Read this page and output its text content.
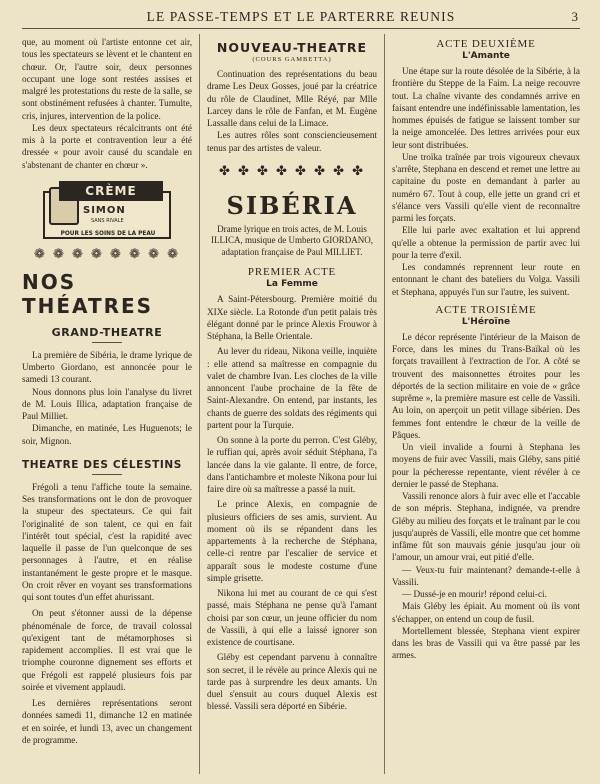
LE PASSE-TEMPS ET LE PARTERRE REUNIS	3

que, au moment où l'artiste entonne cet air, tous les spectateurs se lèvent et le chantent en chœur. Or, l'autre soir, deux personnes occupant une loge sont restées assises et malgré les protestations du reste de la salle, se sont obstinément refusées à chanter. Tumulte, cris, injures, intervention de la police.

Les deux spectateurs récalcitrants ont été mis à la porte et contravention leur a été dressée « pour avoir causé du scandale en s'abstenant de chanter en chœur ».

CRÈME
SIMON
SANS RIVALE
POUR LES SOINS DE LA PEAU
❁ ❁ ❁ ❁ ❁ ❁ ❁ ❁
NOS THÉATRES
GRAND-THEATRE

La première de Sibéria, le drame lyrique de Umberto Giordano, est annoncée pour le samedi 13 courant.

Nous donnons plus loin l'analyse du livret de M. Louis Illica, adaptation française de Paul Milliet.

Dimanche, en matinée, Les Huguenots; le soir, Mignon.

THEATRE DES CÉLESTINS

Frégoli a tenu l'affiche toute la semaine. Ses transformations ont le don de provoquer la stupeur des spectateurs. Ce qui fait l'originalité de son talent, ce qui en fait l'intérêt tout spécial, c'est la rapidité avec laquelle il passe de l'un quelconque de ses personnages à l'autre, et en réalise instantanément le geste propre et le masque. On croit rêver en voyant ses transformations qui sont toutes d'un effet ahurissant.

On peut s'étonner aussi de la dépense phénoménale de force, de travail colossal qu'exigent tant de métamorphoses si rapidement accomplies. Il est vrai que le triomphe couronne dignement ses efforts et que Frégoli est rappelé plusieurs fois par soirée et vivement applaudi.

Les dernières représentations seront données samedi 11, dimanche 12 en matinée et en soirée, et lundi 13, avec un changement de programme.

NOUVEAU-THEATRE
(COURS GAMBETTA)

Continuation des représentations du beau drame Les Deux Gosses, joué par la créatrice du rôle de Claudinet, Mlle Réyé, par Mlle Larcey dans le rôle de Fanfan, et M. Eugène Lassalle dans celui de la Limace.

Les autres rôles sont consciencieusement tenus par des artistes de valeur.

✤ ✤ ✤ ✤ ✤ ✤ ✤ ✤
SIBÉRIA

Drame lyrique en trois actes, de M. Louis ILLICA, musique de Umberto GIORDANO, adaptation française de Paul MILLIET.

PREMIER ACTE
La Femme

A Saint-Pétersbourg. Première moitié du XIXe siècle. La Rotonde d'un petit palais très élégant donné par le prince Alexis Frouwor à Stéphana, la Belle Orientale.

Au lever du rideau, Nikona veille, inquiète : elle attend sa maîtresse en compagnie du valet de chambre Ivan. Les cloches de la ville annoncent l'aube prochaine de la fête de Saint-Alexandre. On entend, par instants, les chants de guerre des soldats des régiments qui partent pour la Turquie.

On sonne à la porte du perron. C'est Gléby, le ruffian qui, après avoir séduit Stéphana, l'a lancée dans la vie galante. Il entre, de force, dans l'antichambre et moleste Nikona pour lui faire dire où sa maîtresse a passé la nuit.

Le prince Alexis, en compagnie de plusieurs officiers de ses amis, survient. Au moment où ils se répandent dans les appartements à la recherche de Stéphana, celle-ci rentre par l'escalier de service et apparaît sous le modeste costume d'une simple grisette.

Nikona lui met au courant de ce qui s'est passé, mais Stéphana ne pense qu'à l'amant choisi par son cœur, un jeune officier du nom de Vassili, à qui elle a laissé ignorer son existence de courtisane.

Gléby est cependant parvenu à connaître son secret, il le révèle au prince Alexis qui ne tarde pas à surprendre les deux amants. Un duel s'ensuit au cours duquel Alexis est blessé. Vassili sera déporté en Sibérie.

ACTE DEUXIÈME
L'Amante

Une étape sur la route désolée de la Sibérie, à la frontière du Steppe de la Faim. La neige recouvre tout. La chaîne vivante des condamnés arrive en faisant entendre une indéfinissable lamentation, les hommes épuisés de fatigue se laissent tomber sur la neige amoncelée. Des lettres arrivées pour eux leur sont distribuées.

Une troïka traînée par trois vigoureux chevaux s'arrête, Stephana en descend et remet une lettre au capitaine du poste en demandant à parler au numéro 67. Tout à coup, elle jette un grand cri et s'élance vers Vassili qu'elle vient de reconnaître parmi les forçats.

Elle lui parle avec exaltation et lui apprend qu'elle a obtenue la permission de partir avec lui pour la terre d'exil.

Les condamnés reprennent leur route en entonnant le chant des bateliers du Volga. Vassili et Stephana, appuyés l'un sur l'autre, les suivent.

ACTE TROISIÈME
L'Héroïne

Le décor représente l'intérieur de la Maison de Force, dans les mines du Trans-Baïkal où les forçats travaillent à l'extraction de l'or. A côté se trouvent des maisonnettes étroites pour les déportés de la section militaire en voie de « grâce suprême », la première masure est celle de Vassili. Au loin, on aperçoit un petit village sibérien. Des femmes font entendre le chœur de la veille de Pâques.

Un vieil invalide a fourni à Stephana les moyens de fuir avec Vassili, mais Gléby, sans pitié pour la pécheresse repentante, vient révéler à ce dernier le passé de Stephana.

Vassili renonce alors à fuir avec elle et l'accable de son mépris. Stephana, indignée, va prendre Gléby au milieu des forçats et le traînant par le cou jusqu'auprès de Vassili, elle montre que cet homme infâme fût son mauvais génie jusqu'au jour où l'amour, un amour vrai, eut pitié d'elle.

— Veux-tu fuir maintenant? demande-t-elle à Vassili.

— Dussé-je en mourir! répond celui-ci.

Mais Gléby les épiait. Au moment où ils vont s'échapper, on entend un coup de fusil.

Mortellement blessée, Stephana vient expirer dans les bras de Vassili qui va être passé par les armes.
